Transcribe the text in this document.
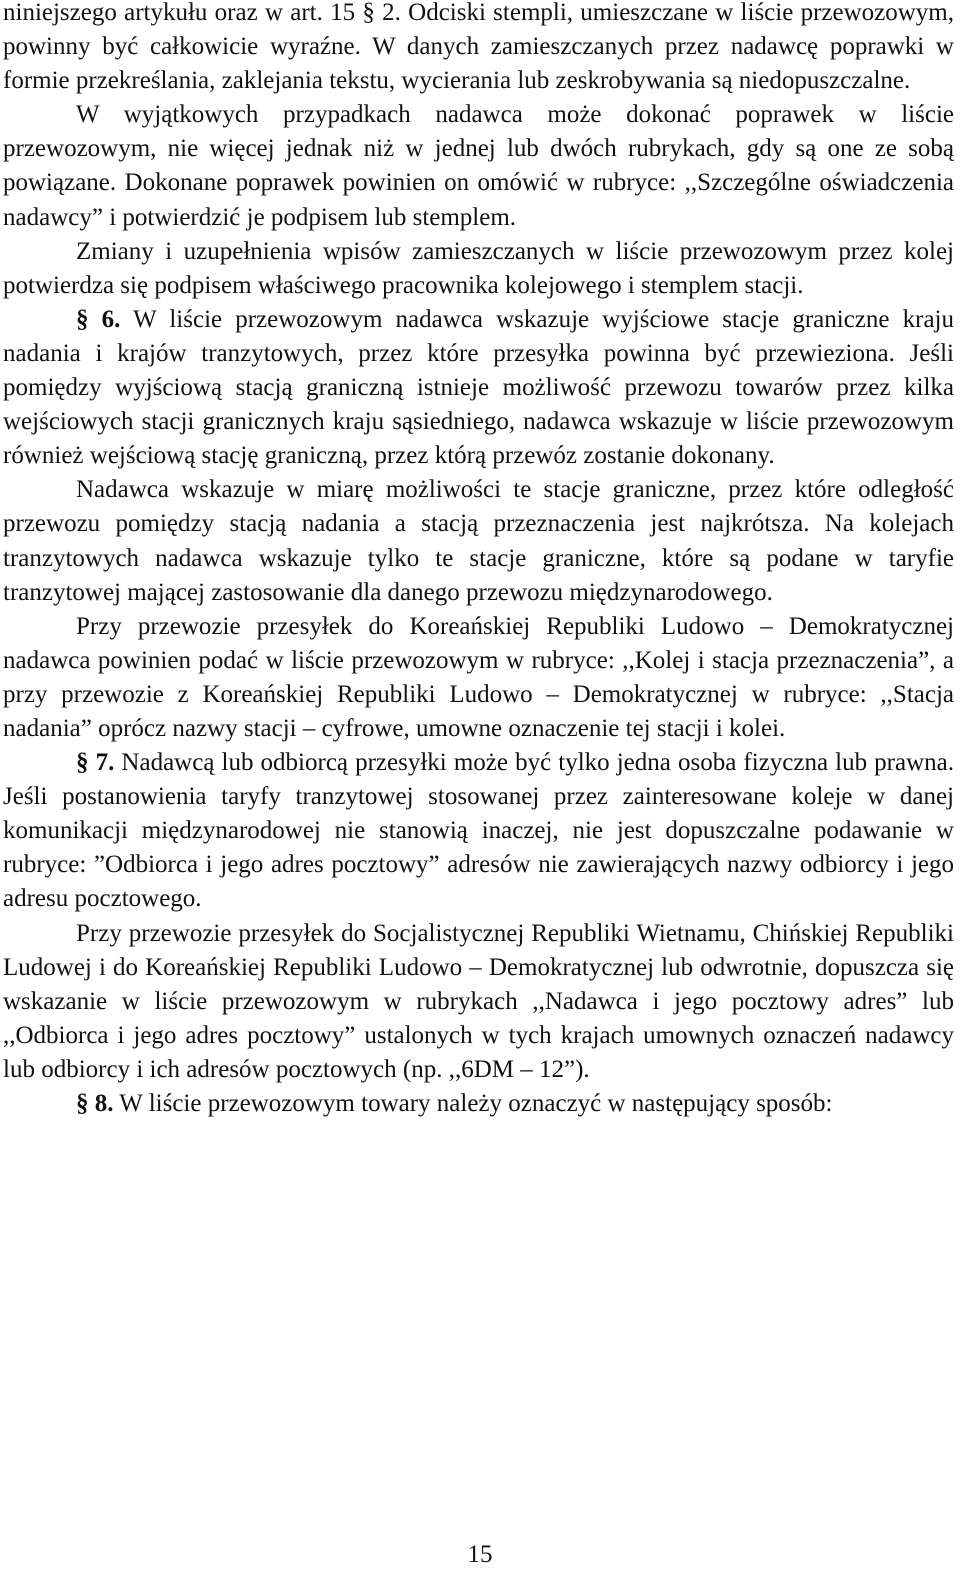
niniejszego artykułu oraz w art. 15 § 2. Odciski stempli, umieszczane w liście przewozowym, powinny być całkowicie wyraźne. W danych zamieszczanych przez nadawcę poprawki w formie przekreślania, zaklejania tekstu, wycierania lub zeskrobywania są niedopuszczalne.

W wyjątkowych przypadkach nadawca może dokonać poprawek w liście przewozowym, nie więcej jednak niż w jednej lub dwóch rubrykach, gdy są one ze sobą powiązane. Dokonane poprawek powinien on omówić w rubryce: ,,Szczególne oświadczenia nadawcy” i potwierdzić je podpisem lub stemplem.

Zmiany i uzupełnienia wpisów zamieszczanych w liście przewozowym przez kolej potwierdza się podpisem właściwego pracownika kolejowego i stemplem stacji.

§ 6. W liście przewozowym nadawca wskazuje wyjściowe stacje graniczne kraju nadania i krajów tranzytowych, przez które przesyłka powinna być przewieziona. Jeśli pomiędzy wyjściową stacją graniczną istnieje możliwość przewozu towarów przez kilka wejściowych stacji granicznych kraju sąsiedniego, nadawca wskazuje w liście przewozowym również wejściową stację graniczną, przez którą przewóz zostanie dokonany.

Nadawca wskazuje w miarę możliwości te stacje graniczne, przez które odległość przewozu pomiędzy stacją nadania a stacją przeznaczenia jest najkrótsza. Na kolejach tranzytowych nadawca wskazuje tylko te stacje graniczne, które są podane w taryfie tranzytowej mającej zastosowanie dla danego przewozu międzynarodowego.

Przy przewozie przesyłek do Koreańskiej Republiki Ludowo – Demokratycznej nadawca powinien podać w liście przewozowym w rubryce: ,,Kolej i stacja przeznaczenia”, a przy przewozie z Koreańskiej Republiki Ludowo – Demokratycznej w rubryce: ,,Stacja nadania” oprócz nazwy stacji – cyfrowe, umowne oznaczenie tej stacji i kolei.

§ 7. Nadawcą lub odbiorcą przesyłki może być tylko jedna osoba fizyczna lub prawna. Jeśli postanowienia taryfy tranzytowej stosowanej przez zainteresowane koleje w danej komunikacji międzynarodowej nie stanowią inaczej, nie jest dopuszczalne podawanie w rubryce: ”Odbiorca i jego adres pocztowy” adresów nie zawierających nazwy odbiorcy i jego adresu pocztowego.

Przy przewozie przesyłek do Socjalistycznej Republiki Wietnamu, Chińskiej Republiki Ludowej i do Koreańskiej Republiki Ludowo – Demokratycznej lub odwrotnie, dopuszcza się wskazanie w liście przewozowym w rubrykach ,,Nadawca i jego pocztowy adres” lub ,,Odbiorca i jego adres pocztowy” ustalonych w tych krajach umownych oznaczeń nadawcy lub odbiorcy i ich adresów pocztowych (np. ,,6DM – 12”).

§ 8. W liście przewozowym towary należy oznaczyć w następujący sposób:

15
